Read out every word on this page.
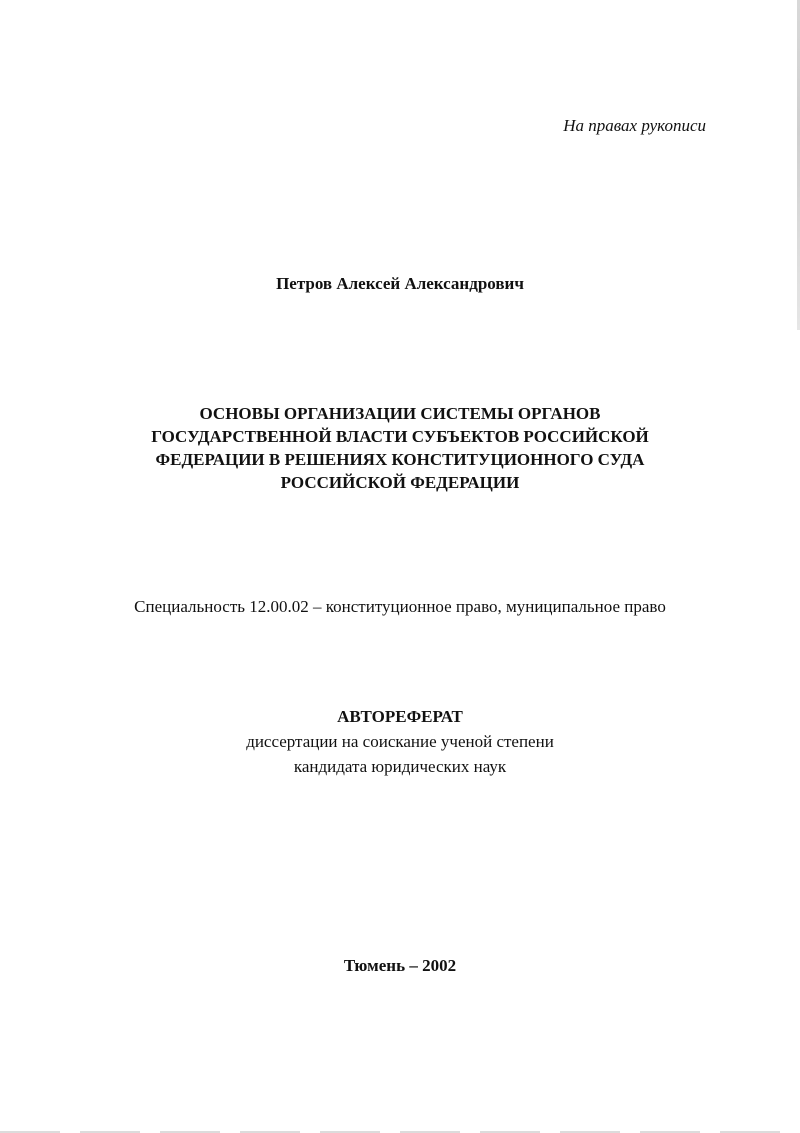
На правах рукописи
Петров Алексей Александрович
ОСНОВЫ ОРГАНИЗАЦИИ СИСТЕМЫ ОРГАНОВ
ГОСУДАРСТВЕННОЙ ВЛАСТИ СУБЪЕКТОВ РОССИЙСКОЙ
ФЕДЕРАЦИИ В РЕШЕНИЯХ КОНСТИТУЦИОННОГО СУДА
РОССИЙСКОЙ ФЕДЕРАЦИИ
Специальность 12.00.02 – конституционное право, муниципальное право
АВТОРЕФЕРАТ
диссертации на соискание ученой степени
кандидата юридических наук
Тюмень – 2002
